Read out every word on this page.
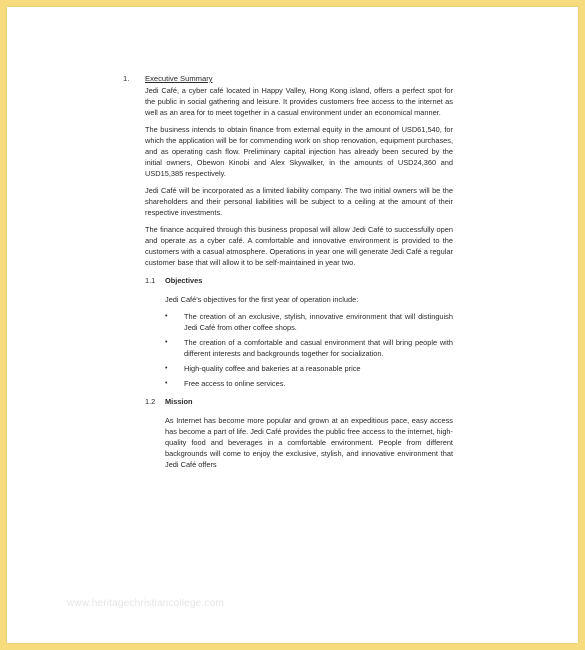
1.	Executive Summary

Jedi Café, a cyber café located in Happy Valley, Hong Kong island, offers a perfect spot for the public in social gathering and leisure. It provides customers free access to the internet as well as an area for to meet together in a casual environment under an economical manner.

The business intends to obtain finance from external equity in the amount of USD61,540, for which the application will be for commending work on shop renovation, equipment purchases, and as operating cash flow. Preliminary capital injection has already been secured by the initial owners, Obewon Kinobi and Alex Skywalker, in the amounts of USD24,360 and USD15,385 respectively.

Jedi Café will be incorporated as a limited liability company. The two initial owners will be the shareholders and their personal liabilities will be subject to a ceiling at the amount of their respective investments.

The finance acquired through this business proposal will allow Jedi Café to successfully open and operate as a cyber café. A comfortable and innovative environment is provided to the customers with a casual atmosphere. Operations in year one will generate Jedi Café a regular customer base that will allow it to be self-maintained in year two.

1.1	Objectives

Jedi Café's objectives for the first year of operation include:

•	The creation of an exclusive, stylish, innovative environment that will distinguish Jedi Café from other coffee shops.
•	The creation of a comfortable and casual environment that will bring people with different interests and backgrounds together for socialization.
•	High-quality coffee and bakeries at a reasonable price
•	Free access to online services.
1.2	Mission

As Internet has become more popular and grown at an expeditious pace, easy access has become a part of life. Jedi Café provides the public free access to the internet, high-quality food and beverages in a comfortable environment. People from different backgrounds will come to enjoy the exclusive, stylish, and innovative environment that Jedi Café offers

www.heritagechristiancollege.com
